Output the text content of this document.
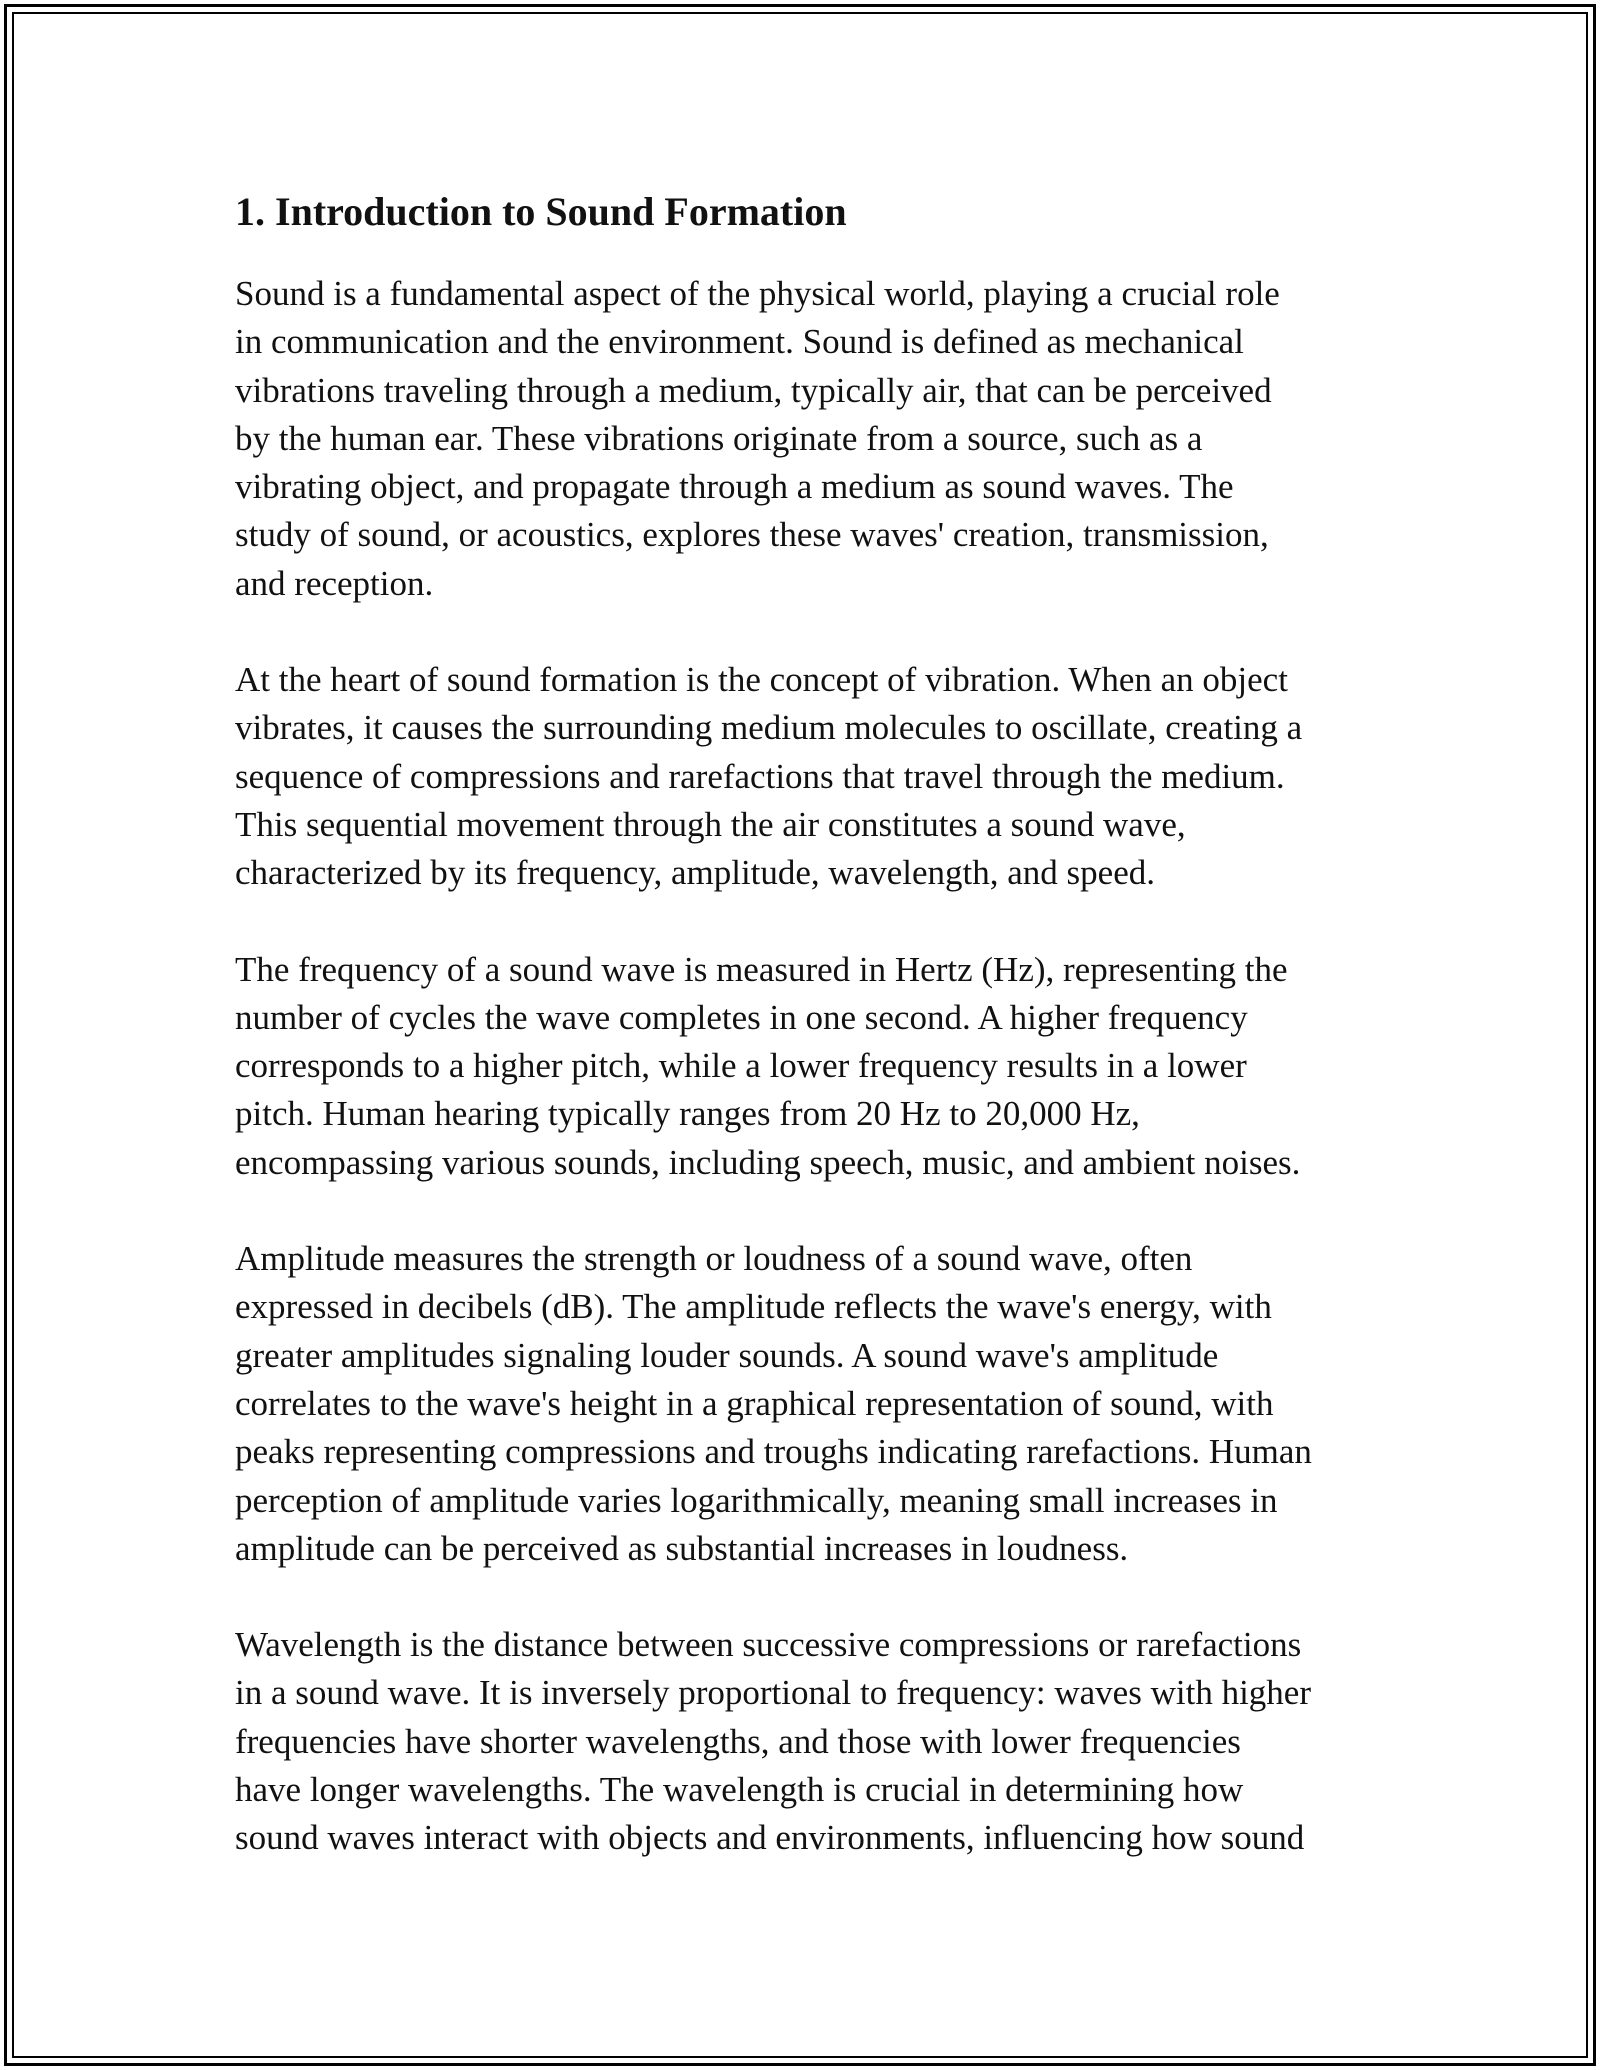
1. Introduction to Sound Formation

Sound is a fundamental aspect of the physical world, playing a crucial role
in communication and the environment. Sound is defined as mechanical
vibrations traveling through a medium, typically air, that can be perceived
by the human ear. These vibrations originate from a source, such as a
vibrating object, and propagate through a medium as sound waves. The
study of sound, or acoustics, explores these waves' creation, transmission,
and reception.

At the heart of sound formation is the concept of vibration. When an object
vibrates, it causes the surrounding medium molecules to oscillate, creating a
sequence of compressions and rarefactions that travel through the medium.
This sequential movement through the air constitutes a sound wave,
characterized by its frequency, amplitude, wavelength, and speed.

The frequency of a sound wave is measured in Hertz (Hz), representing the
number of cycles the wave completes in one second. A higher frequency
corresponds to a higher pitch, while a lower frequency results in a lower
pitch. Human hearing typically ranges from 20 Hz to 20,000 Hz,
encompassing various sounds, including speech, music, and ambient noises.

Amplitude measures the strength or loudness of a sound wave, often
expressed in decibels (dB). The amplitude reflects the wave's energy, with
greater amplitudes signaling louder sounds. A sound wave's amplitude
correlates to the wave's height in a graphical representation of sound, with
peaks representing compressions and troughs indicating rarefactions. Human
perception of amplitude varies logarithmically, meaning small increases in
amplitude can be perceived as substantial increases in loudness.

Wavelength is the distance between successive compressions or rarefactions
in a sound wave. It is inversely proportional to frequency: waves with higher
frequencies have shorter wavelengths, and those with lower frequencies
have longer wavelengths. The wavelength is crucial in determining how
sound waves interact with objects and environments, influencing how sound
